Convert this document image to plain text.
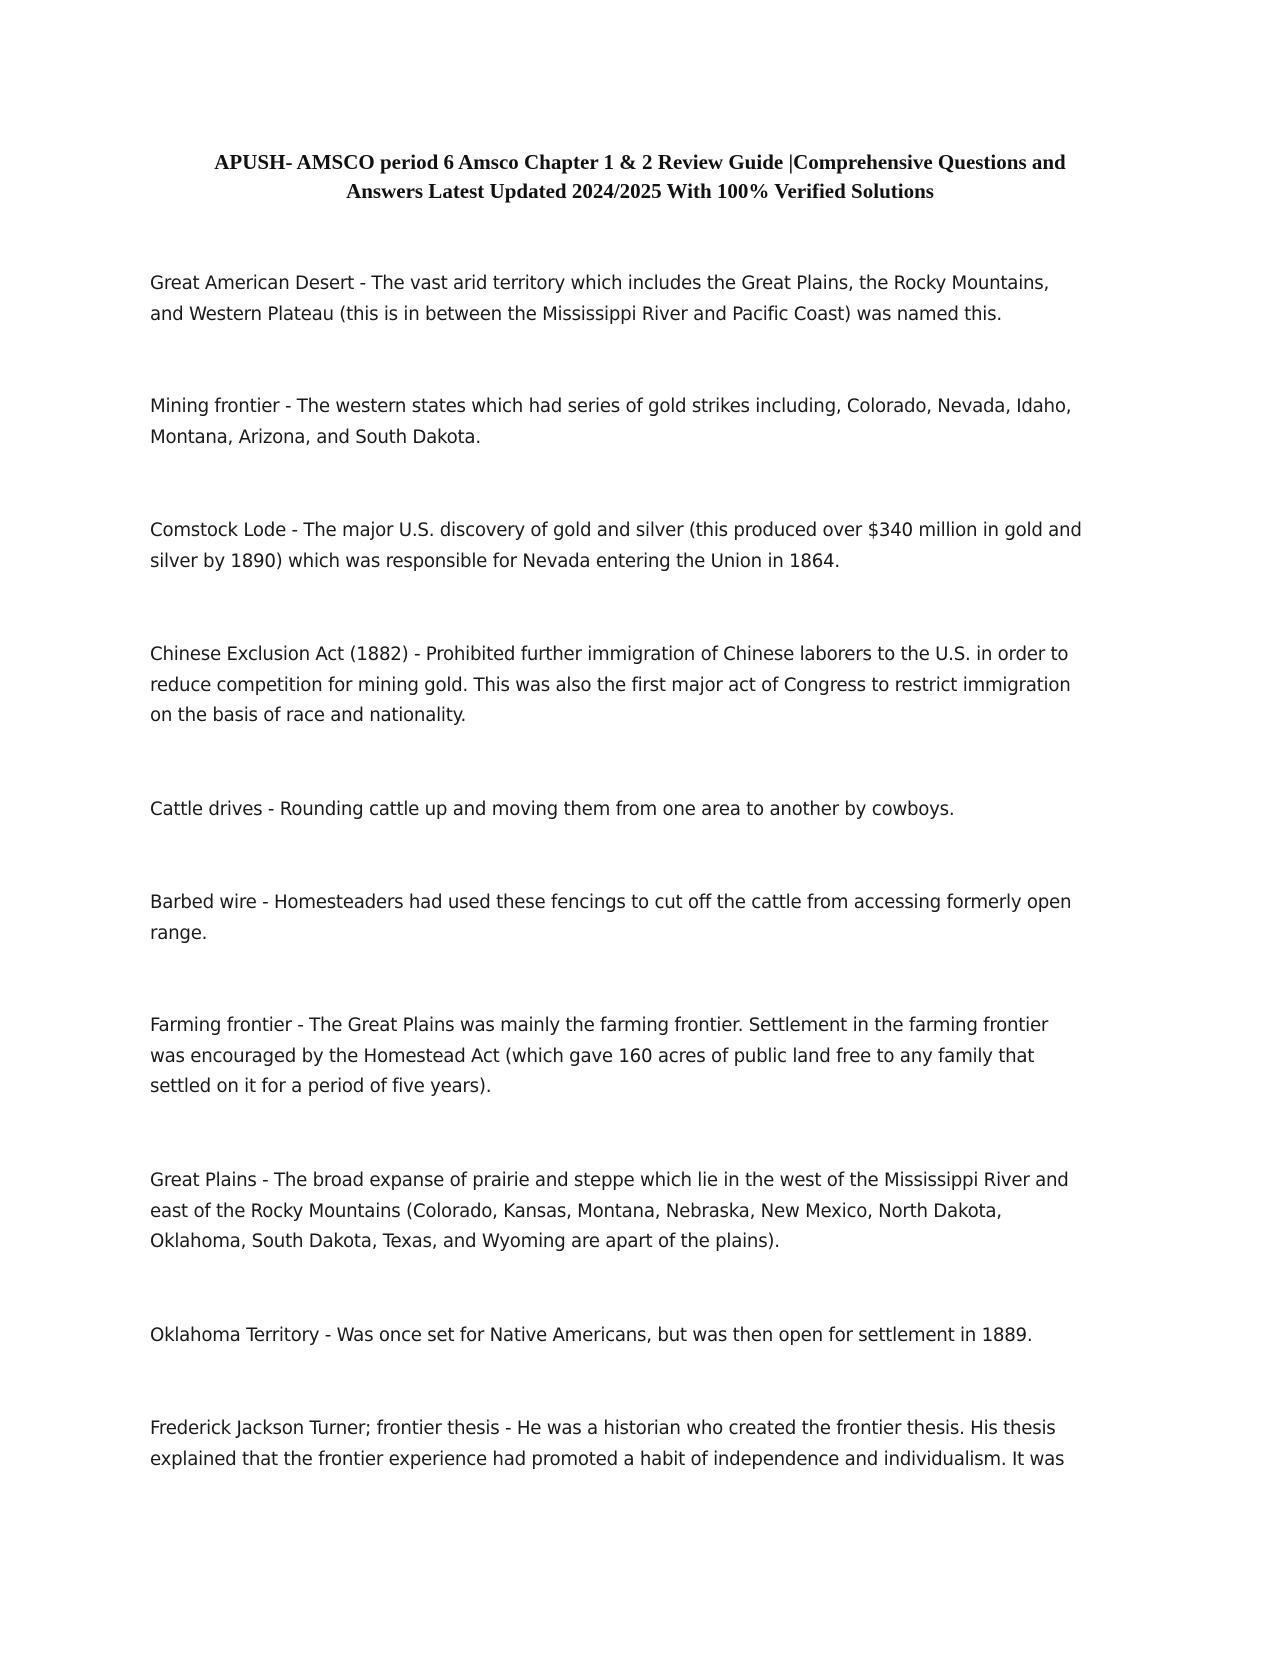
APUSH- AMSCO period 6 Amsco Chapter 1 & 2 Review Guide |Comprehensive Questions and
Answers Latest Updated 2024/2025 With 100% Verified Solutions

Great American Desert - The vast arid territory which includes the Great Plains, the Rocky Mountains,
and Western Plateau (this is in between the Mississippi River and Pacific Coast) was named this.

Mining frontier - The western states which had series of gold strikes including, Colorado, Nevada, Idaho,
Montana, Arizona, and South Dakota.

Comstock Lode - The major U.S. discovery of gold and silver (this produced over $340 million in gold and
silver by 1890) which was responsible for Nevada entering the Union in 1864.

Chinese Exclusion Act (1882) - Prohibited further immigration of Chinese laborers to the U.S. in order to
reduce competition for mining gold. This was also the first major act of Congress to restrict immigration
on the basis of race and nationality.

Cattle drives - Rounding cattle up and moving them from one area to another by cowboys.

Barbed wire - Homesteaders had used these fencings to cut off the cattle from accessing formerly open
range.

Farming frontier - The Great Plains was mainly the farming frontier. Settlement in the farming frontier
was encouraged by the Homestead Act (which gave 160 acres of public land free to any family that
settled on it for a period of five years).

Great Plains - The broad expanse of prairie and steppe which lie in the west of the Mississippi River and
east of the Rocky Mountains (Colorado, Kansas, Montana, Nebraska, New Mexico, North Dakota,
Oklahoma, South Dakota, Texas, and Wyoming are apart of the plains).

Oklahoma Territory - Was once set for Native Americans, but was then open for settlement in 1889.

Frederick Jackson Turner; frontier thesis - He was a historian who created the frontier thesis. His thesis
explained that the frontier experience had promoted a habit of independence and individualism. It was
